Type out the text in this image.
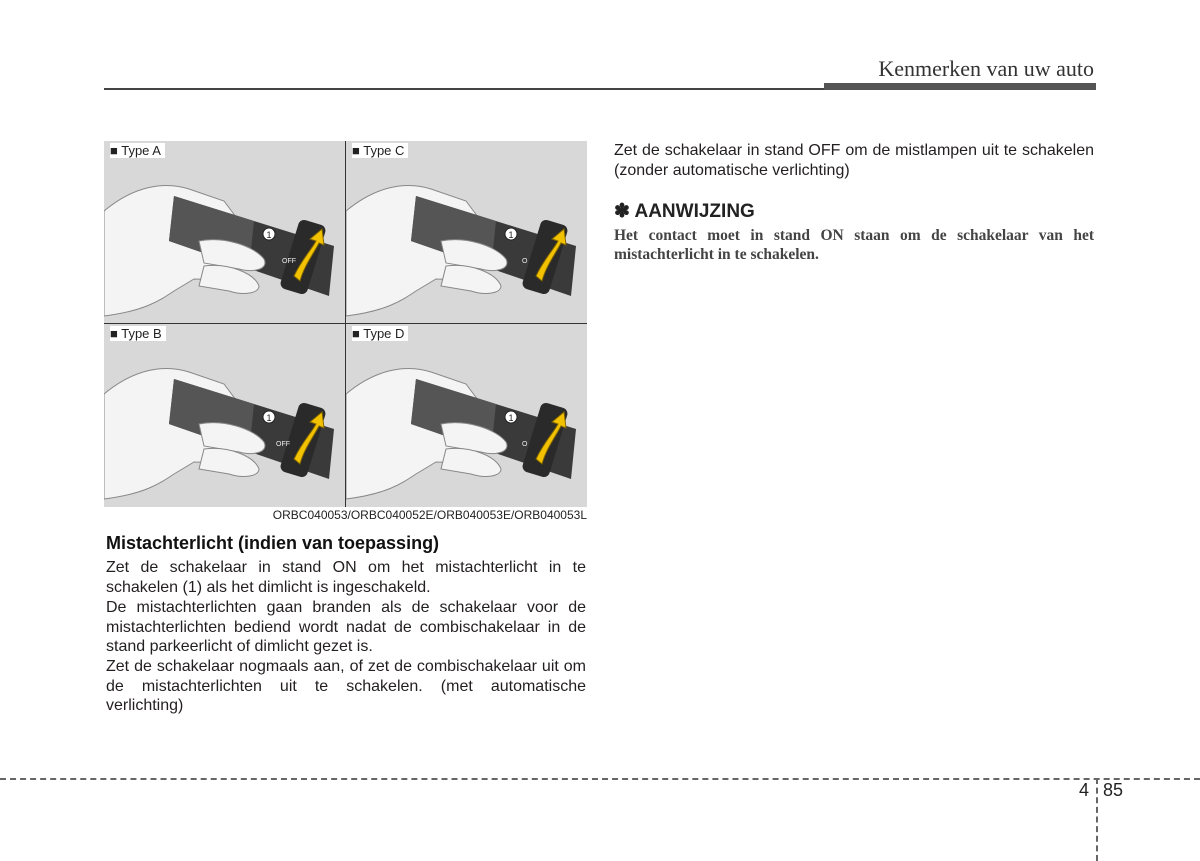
Kenmerken van uw auto
1
OFF
■ Type A
1
O
■ Type C
1
OFF
■ Type B
1
O
■ Type D
ORBC040053/ORBC040052E/ORB040053E/ORB040053L
Mistachterlicht (indien van toepassing)

Zet de schakelaar in stand ON om het mistachterlicht in te schakelen (1) als het dimlicht is ingeschakeld.

De mistachterlichten gaan branden als de schakelaar voor de mistachterlichten bediend wordt nadat de combischakelaar in de stand parkeerlicht of dimlicht gezet is.

Zet de schakelaar nogmaals aan, of zet de combischakelaar uit om de mistachterlichten uit te schakelen. (met automatische verlichting)

Zet de schakelaar in stand OFF om de mistlampen uit te schakelen (zonder automatische verlichting)

✽ AANWIJZING

Het contact moet in stand ON staan om de schakelaar van het mistachterlicht in te schakelen.

4 85
